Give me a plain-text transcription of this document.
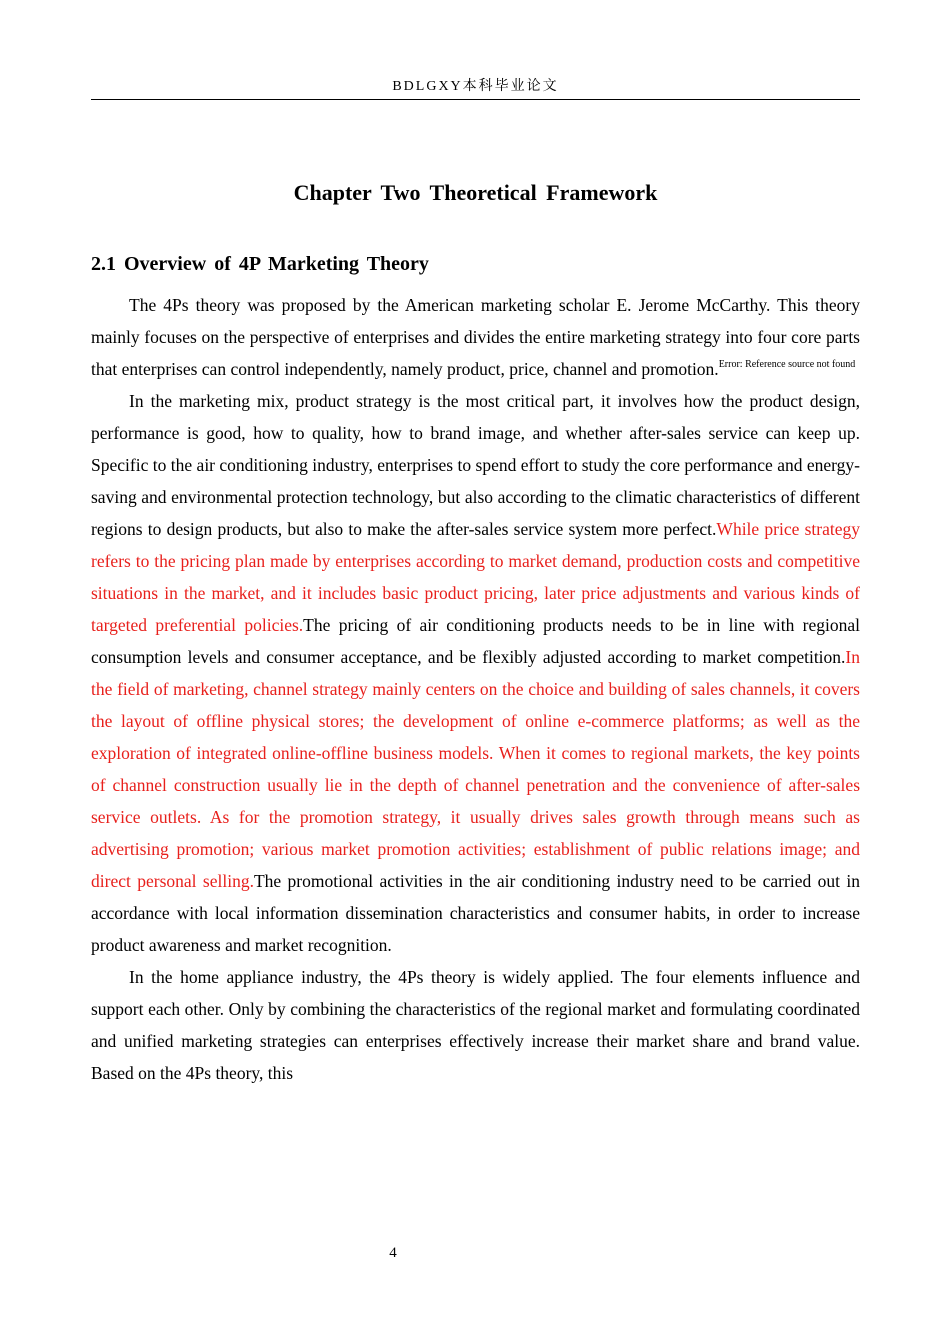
BDLGXY本科毕业论文
Chapter Two Theoretical Framework
2.1 Overview of 4P Marketing Theory

The 4Ps theory was proposed by the American marketing scholar E. Jerome McCarthy. This theory mainly focuses on the perspective of enterprises and divides the entire marketing strategy into four core parts that enterprises can control independently, namely product, price, channel and promotion.$^{Error: Reference source not found}$

In the marketing mix, product strategy is the most critical part, it involves how the product design, performance is good, how to quality, how to brand image, and whether after-sales service can keep up. Specific to the air conditioning industry, enterprises to spend effort to study the core performance and energy-saving and environmental protection technology, but also according to the climatic characteristics of different regions to design products, but also to make the after-sales service system more perfect.While price strategy refers to the pricing plan made by enterprises according to market demand, production costs and competitive situations in the market, and it includes basic product pricing, later price adjustments and various kinds of targeted preferential policies.The pricing of air conditioning products needs to be in line with regional consumption levels and consumer acceptance, and be flexibly adjusted according to market competition.In the field of marketing, channel strategy mainly centers on the choice and building of sales channels, it covers the layout of offline physical stores; the development of online e-commerce platforms; as well as the exploration of integrated online-offline business models. When it comes to regional markets, the key points of channel construction usually lie in the depth of channel penetration and the convenience of after-sales service outlets. As for the promotion strategy, it usually drives sales growth through means such as advertising promotion; various market promotion activities; establishment of public relations image; and direct personal selling.The promotional activities in the air conditioning industry need to be carried out in accordance with local information dissemination characteristics and consumer habits, in order to increase product awareness and market recognition.

In the home appliance industry, the 4Ps theory is widely applied. The four elements influence and support each other. Only by combining the characteristics of the regional market and formulating coordinated and unified marketing strategies can enterprises effectively increase their market share and brand value. Based on the 4Ps theory, this

4
